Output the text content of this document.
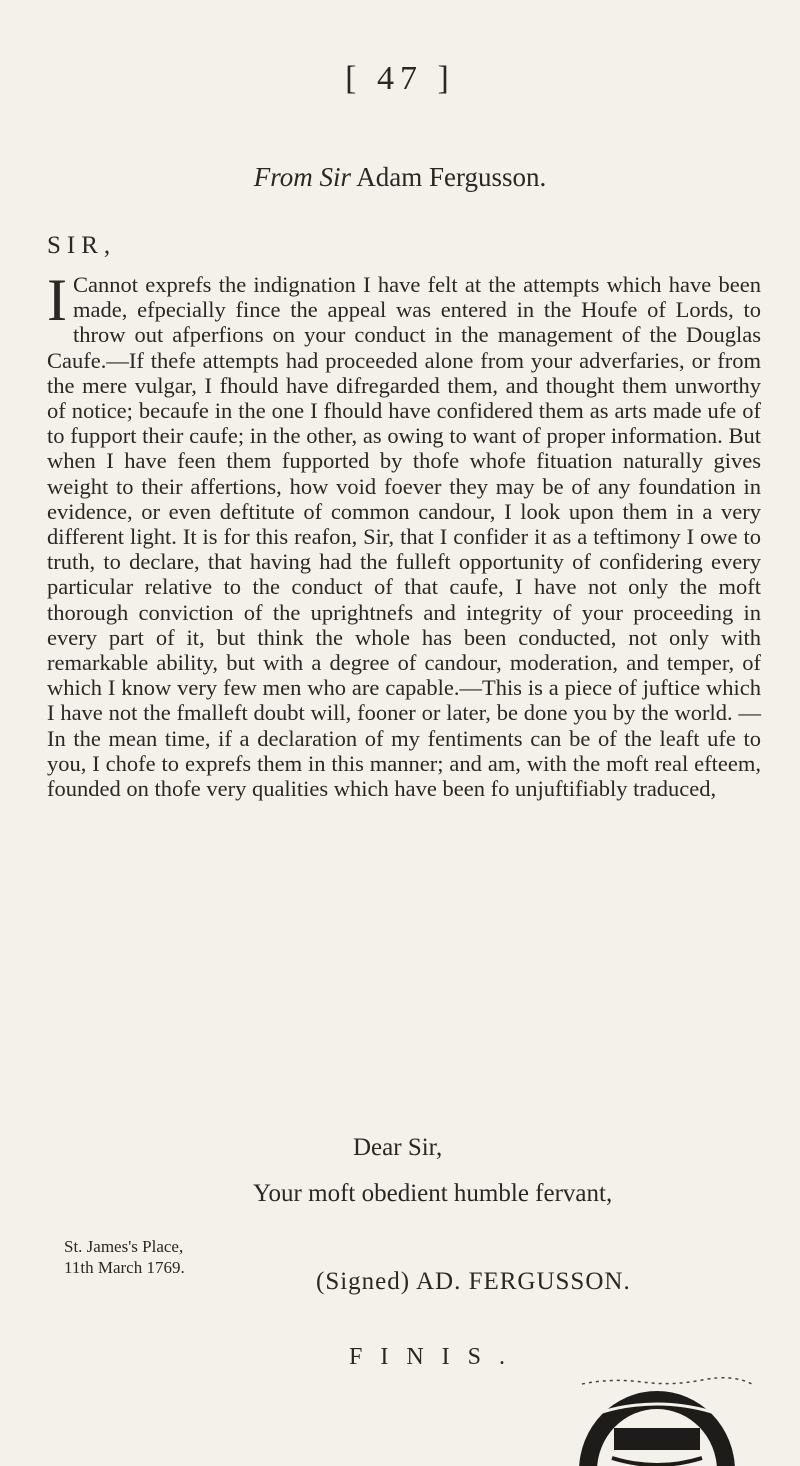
[ 47 ]
From Sir Adam Fergusson.
SIR,

I Cannot exprefs the indignation I have felt at the attempts which have been made, efpecially fince the appeal was entered in the Houfe of Lords, to throw out afperfions on your conduct in the management of the Douglas Caufe.—If thefe attempts had proceeded alone from your adverfaries, or from the mere vulgar, I fhould have difregarded them, and thought them unworthy of notice; becaufe in the one I fhould have confidered them as arts made ufe of to fupport their caufe; in the other, as owing to want of proper information. But when I have feen them fupported by thofe whofe fituation naturally gives weight to their affertions, how void foever they may be of any foundation in evidence, or even deftitute of common candour, I look upon them in a very different light. It is for this reafon, Sir, that I confider it as a teftimony I owe to truth, to declare, that having had the fulleft opportunity of confidering every particular relative to the conduct of that caufe, I have not only the moft thorough conviction of the uprightnefs and integrity of your proceeding in every part of it, but think the whole has been conducted, not only with remarkable ability, but with a degree of candour, moderation, and temper, of which I know very few men who are capable.—This is a piece of juftice which I have not the fmalleft doubt will, fooner or later, be done you by the world. —In the mean time, if a declaration of my fentiments can be of the leaft ufe to you, I chofe to exprefs them in this manner; and am, with the moft real efteem, founded on thofe very qualities which have been fo unjuftifiably traduced,

Dear Sir,
Your moft obedient humble fervant,
St. James's Place,
11th March 1769.
(Signed) AD. FERGUSSON.
FINIS.
